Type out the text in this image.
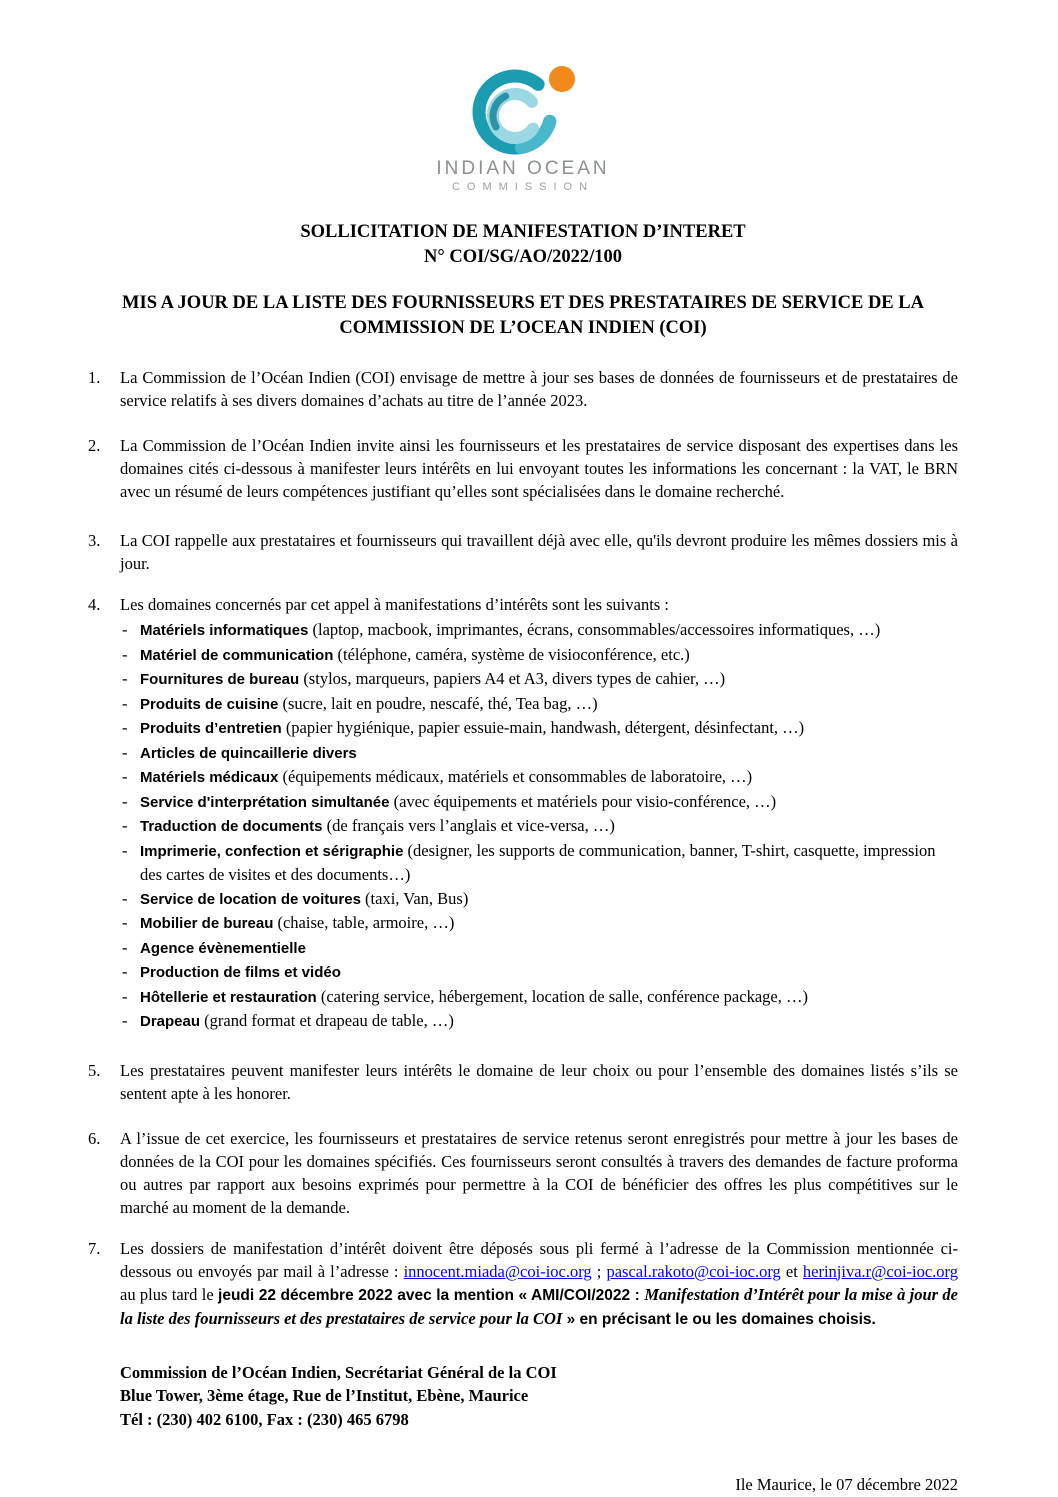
INDIAN OCEAN
COMMISSION
SOLLICITATION DE MANIFESTATION D’INTERET
N° COI/SG/AO/2022/100
MIS A JOUR DE LA LISTE DES FOURNISSEURS ET DES PRESTATAIRES DE SERVICE DE LA
COMMISSION DE L’OCEAN INDIEN (COI)
1.	La Commission de l’Océan Indien (COI) envisage de mettre à jour ses bases de données de fournisseurs et de prestataires de service relatifs à ses divers domaines d’achats au titre de l’année 2023.
2.	La Commission de l’Océan Indien invite ainsi les fournisseurs et les prestataires de service disposant des expertises dans les domaines cités ci-dessous à manifester leurs intérêts en lui envoyant toutes les informations les concernant : la VAT, le BRN avec un résumé de leurs compétences justifiant qu’elles sont spécialisées dans le domaine recherché.
3.	La COI rappelle aux prestataires et fournisseurs qui travaillent déjà avec elle, qu'ils devront produire les mêmes dossiers mis à jour.
4.	Les domaines concernés par cet appel à manifestations d’intérêts sont les suivants :
- Matériels informatiques (laptop, macbook, imprimantes, écrans, consommables/accessoires informatiques, …)
- Matériel de communication (téléphone, caméra, système de visioconférence, etc.)
- Fournitures de bureau (stylos, marqueurs, papiers A4 et A3, divers types de cahier, …)
- Produits de cuisine (sucre, lait en poudre, nescafé, thé, Tea bag, …)
- Produits d’entretien (papier hygiénique, papier essuie-main, handwash, détergent, désinfectant, …)
- Articles de quincaillerie divers
- Matériels médicaux (équipements médicaux, matériels et consommables de laboratoire, …)
- Service d'interprétation simultanée (avec équipements et matériels pour visio-conférence, …)
- Traduction de documents (de français vers l’anglais et vice-versa, …)
- Imprimerie, confection et sérigraphie (designer, les supports de communication, banner, T-shirt, casquette, impression des cartes de visites et des documents…)
- Service de location de voitures (taxi, Van, Bus)
- Mobilier de bureau (chaise, table, armoire, …)
- Agence évènementielle
- Production de films et vidéo
- Hôtellerie et restauration (catering service, hébergement, location de salle, conférence package, …)
- Drapeau (grand format et drapeau de table, …)
5.	Les prestataires peuvent manifester leurs intérêts le domaine de leur choix ou pour l’ensemble des domaines listés s’ils se sentent apte à les honorer.
6.	A l’issue de cet exercice, les fournisseurs et prestataires de service retenus seront enregistrés pour mettre à jour les bases de données de la COI pour les domaines spécifiés. Ces fournisseurs seront consultés à travers des demandes de facture proforma ou autres par rapport aux besoins exprimés pour permettre à la COI de bénéficier des offres les plus compétitives sur le marché au moment de la demande.
7.	Les dossiers de manifestation d’intérêt doivent être déposés sous pli fermé à l’adresse de la Commission mentionnée ci-dessous ou envoyés par mail à l’adresse : innocent.miada@coi-ioc.org ; pascal.rakoto@coi-ioc.org et herinjiva.r@coi-ioc.org au plus tard le jeudi 22 décembre 2022 avec la mention « AMI/COI/2022 : Manifestation d’Intérêt pour la mise à jour de la liste des fournisseurs et des prestataires de service pour la COI » en précisant le ou les domaines choisis.
Commission de l’Océan Indien, Secrétariat Général de la COI
Blue Tower, 3ème étage, Rue de l’Institut, Ebène, Maurice
Tél : (230) 402 6100, Fax : (230) 465 6798
Ile Maurice, le 07 décembre 2022
